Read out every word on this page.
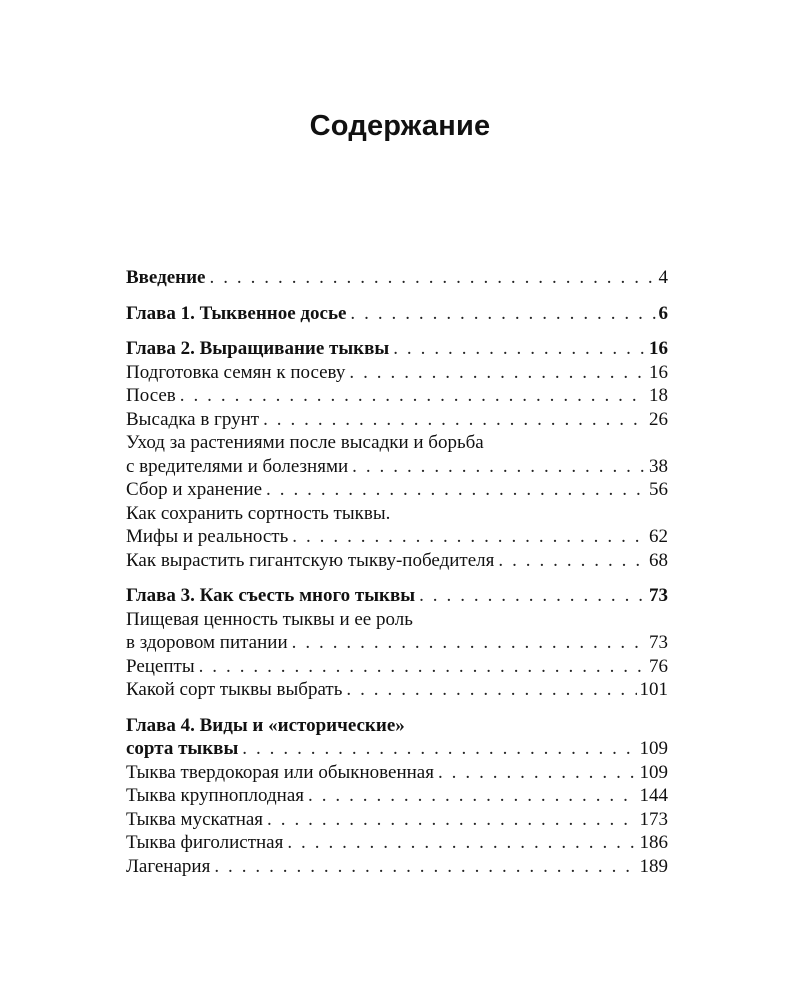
Содержание
Введение . . .	4
Глава 1. Тыквенное досье . . .	6
Глава 2. Выращивание тыквы . . .	16
Подготовка семян к посеву . . .	16
Посев . . .	18
Высадка в грунт . . .	26
Уход за растениями после высадки и борьба
с вредителями и болезнями . . .	38
Сбор и хранение . . .	56
Как сохранить сортность тыквы.
Мифы и реальность . . .	62
Как вырастить гигантскую тыкву-победителя . . .	68
Глава 3. Как съесть много тыквы . . .	73
Пищевая ценность тыквы и ее роль
в здоровом питании . . .	73
Рецепты . . .	76
Какой сорт тыквы выбрать . . .	101
Глава 4. Виды и «исторические»
сорта тыквы . . .	109
Тыква твердокорая или обыкновенная . . .	109
Тыква крупноплодная . . .	144
Тыква мускатная . . .	173
Тыква фиголистная . . .	186
Лагенария . . .	189
